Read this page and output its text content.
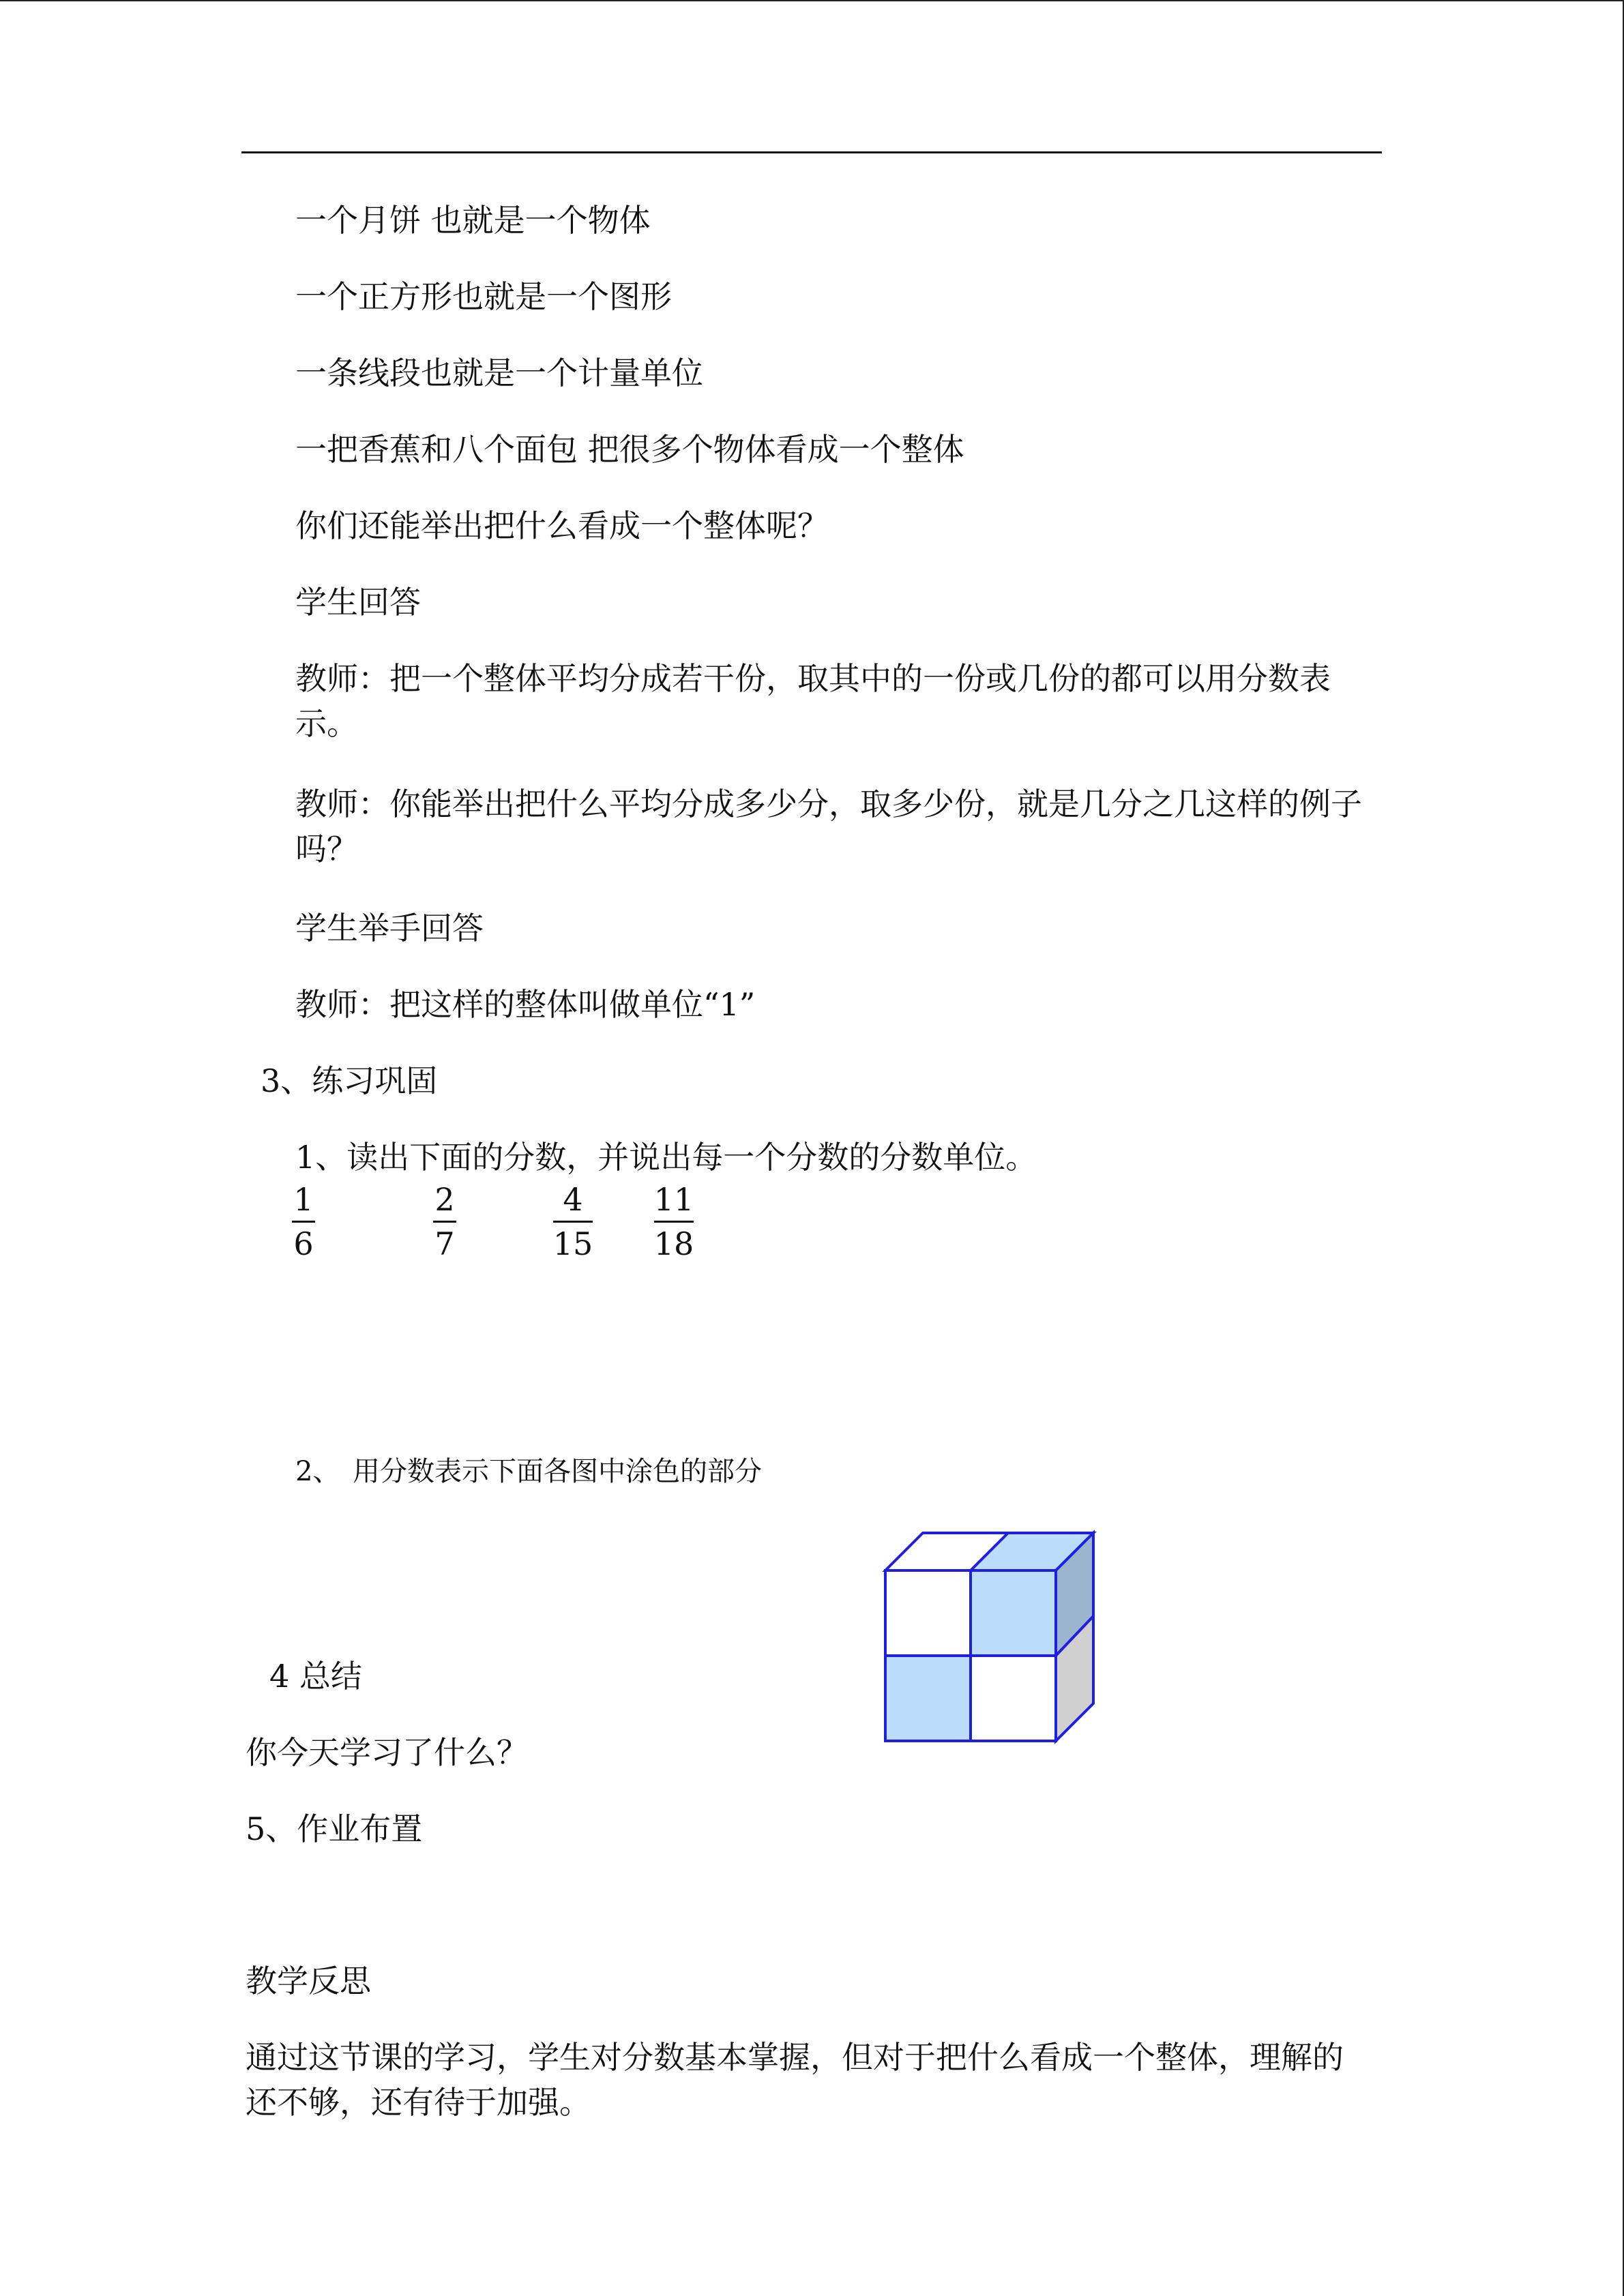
一个月饼 也就是一个物体
一个正方形也就是一个图形
一条线段也就是一个计量单位
一把香蕉和八个面包 把很多个物体看成一个整体
你们还能举出把什么看成一个整体呢？
学生回答
教师：把一个整体平均分成若干份，取其中的一份或几份的都可以用分数表示。
教师：你能举出把什么平均分成多少分，取多少份，就是几分之几这样的例子吗？
学生举手回答
教师：把这样的整体叫做单位“1”
3、练习巩固
1、读出下面的分数，并说出每一个分数的分数单位。
1
6
2
7
4
15
11
18
2、 用分数表示下面各图中涂色的部分
4 总结
你今天学习了什么？
5、作业布置
教学反思
通过这节课的学习，学生对分数基本掌握，但对于把什么看成一个整体，理解的还不够，还有待于加强。
